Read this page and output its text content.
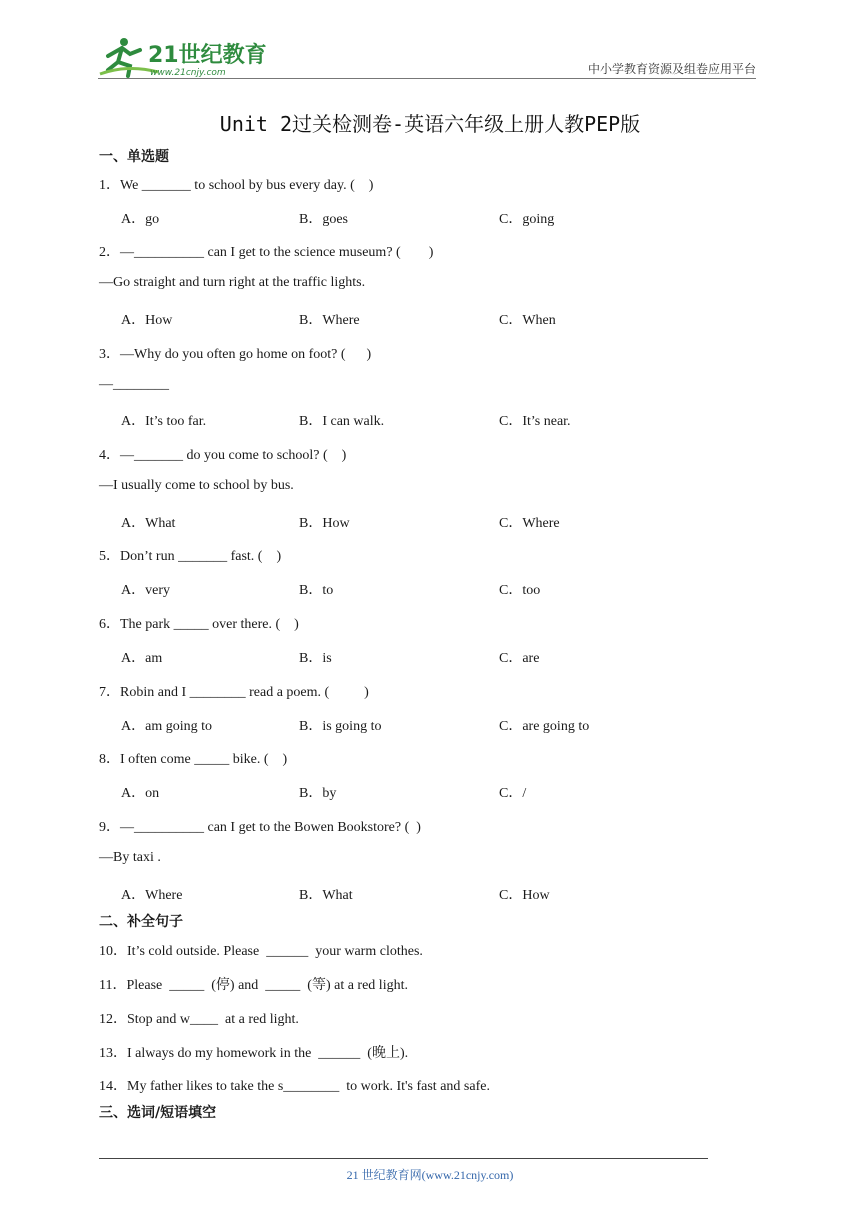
21世纪教育
www.21cnjy.com	中小学教育资源及组卷应用平台
Unit 2过关检测卷-英语六年级上册人教PEP版
一、单选题
1．We _______ to school by bus every day. (    )
A．go	B．goes	C．going
2．—__________ can I get to the science museum? (        )
—Go straight and turn right at the traffic lights.
A．How	B．Where	C．When
3．—Why do you often go home on foot? (      )
—________
A．It’s too far.	B．I can walk.	C．It’s near.
4．—_______ do you come to school? (    )
—I usually come to school by bus.
A．What	B．How	C．Where
5．Don’t run _______ fast. (    )
A．very	B．to	C．too
6．The park _____ over there. (    )
A．am	B．is	C．are
7．Robin and I ________ read a poem. (          )
A．am going to	B．is going to	C．are going to
8．I often come _____ bike. (    )
A．on	B．by	C．/
9．—__________ can I get to the Bowen Bookstore? (  )
—By taxi .
A．Where	B．What	C．How
二、补全句子
10．It’s cold outside. Please  ______  your warm clothes.
11．Please  _____  (停) and  _____  (等) at a red light.
12．Stop and w____  at a red light.
13．I always do my homework in the  ______  (晚上).
14．My father likes to take the s________  to work. It's fast and safe.
三、选词/短语填空
21 世纪教育网(www.21cnjy.com)
